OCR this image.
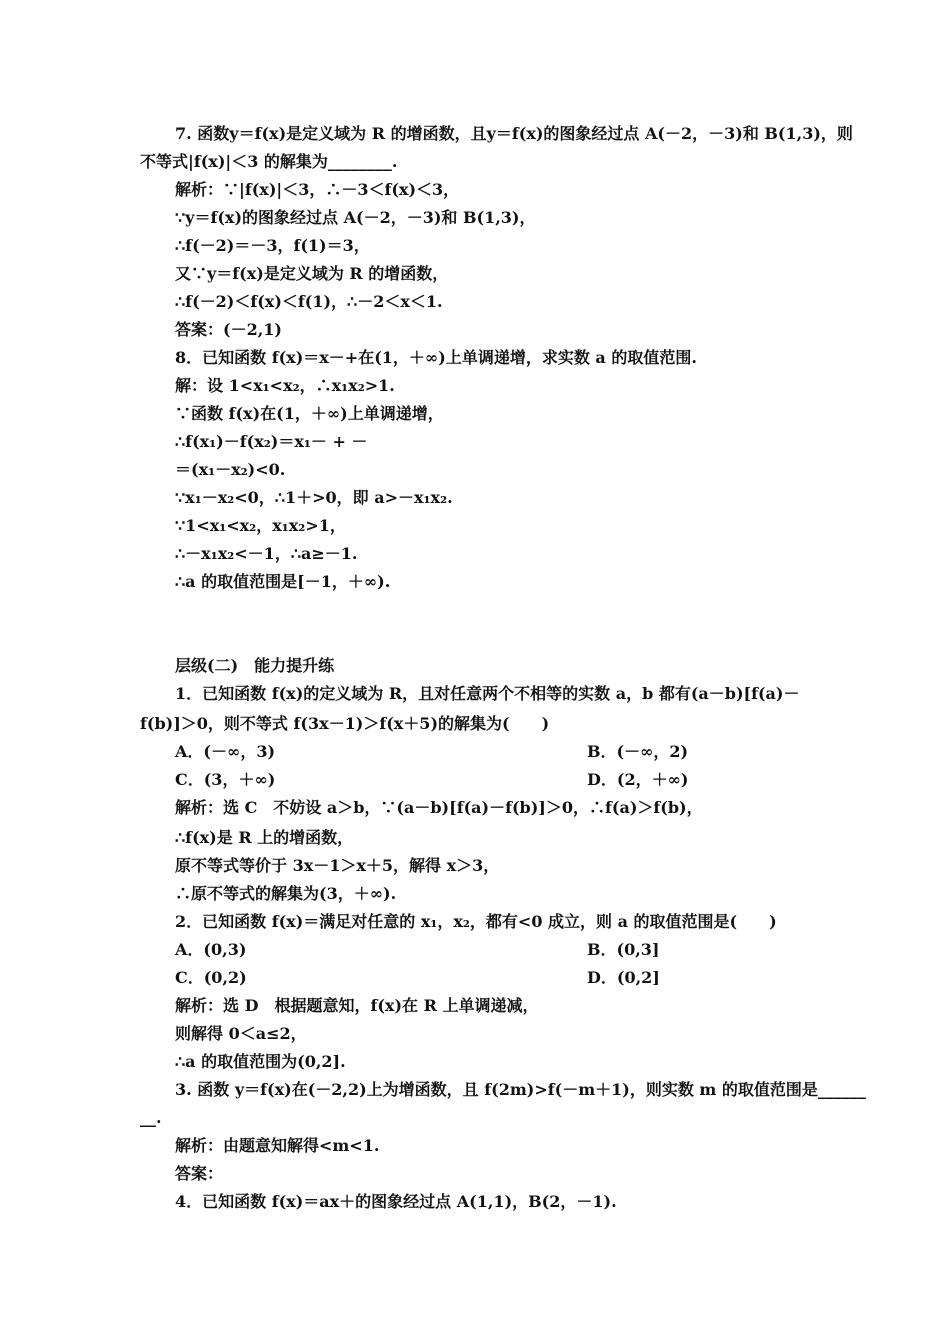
7. 函数y＝f(x)是定义域为 R 的增函数，且y＝f(x)的图象经过点 A(－2，－3)和 B(1,3)，则
不等式|f(x)|＜3 的解集为________.
解析：∵|f(x)|＜3，∴－3＜f(x)＜3，
∵y＝f(x)的图象经过点 A(－2，－3)和 B(1,3)，
∴f(－2)＝－3，f(1)＝3，
又∵y＝f(x)是定义域为 R 的增函数，
∴f(－2)＜f(x)＜f(1)，∴－2＜x＜1.
答案：(－2,1)
8．已知函数 f(x)＝x－+在(1，＋∞)上单调递增，求实数 a 的取值范围.
解：设 1<x₁<x₂，∴x₁x₂>1.
∵函数 f(x)在(1，＋∞)上单调递增，
∴f(x₁)－f(x₂)＝x₁－ + －
＝(x₁－x₂)<0.
∵x₁－x₂<0，∴1＋>0，即 a>－x₁x₂.
∵1<x₁<x₂，x₁x₂>1，
∴－x₁x₂<－1，∴a≥－1.
∴a 的取值范围是[－1，＋∞).
层级(二)　能力提升练
1．已知函数 f(x)的定义域为 R，且对任意两个不相等的实数 a，b 都有(a－b)[f(a)－
f(b)]＞0，则不等式 f(3x－1)＞f(x＋5)的解集为(　　)
A．(－∞，3)	B．(－∞，2)
C．(3，＋∞)	D．(2，＋∞)
解析：选 C　不妨设 a＞b，∵(a－b)[f(a)－f(b)]＞0，∴f(a)＞f(b)，
∴f(x)是 R 上的增函数，
原不等式等价于 3x－1＞x＋5，解得 x＞3，
∴原不等式的解集为(3，＋∞).
2．已知函数 f(x)＝满足对任意的 x₁，x₂，都有<0 成立，则 a 的取值范围是(　　)
A．(0,3)	B．(0,3]
C．(0,2)	D．(0,2]
解析：选 D　根据题意知，f(x)在 R 上单调递减，
则解得 0＜a≤2，
∴a 的取值范围为(0,2].
3. 函数 y＝f(x)在(－2,2)上为增函数，且 f(2m)>f(－m＋1)，则实数 m 的取值范围是______
__.
解析：由题意知解得<m<1.
答案：
4．已知函数 f(x)＝ax＋的图象经过点 A(1,1)，B(2，－1).
